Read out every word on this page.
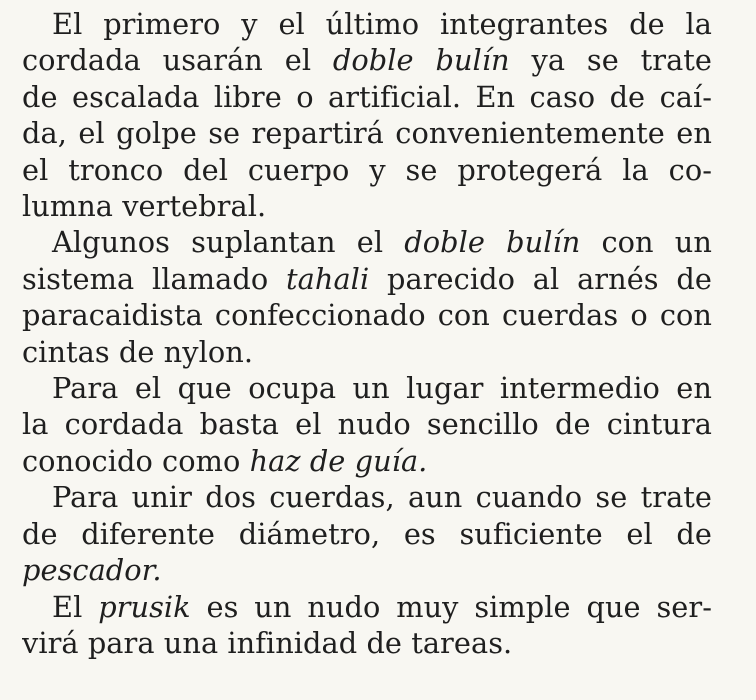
El primero y el último integrantes de la
cordada usarán el doble bulín ya se trate
de escalada libre o artificial. En caso de caí-
da, el golpe se repartirá convenientemente en
el tronco del cuerpo y se protegerá la co-
lumna vertebral.
Algunos suplantan el doble bulín con un
sistema llamado tahali parecido al arnés de
paracaidista confeccionado con cuerdas o con
cintas de nylon.
Para el que ocupa un lugar intermedio en
la cordada basta el nudo sencillo de cintura
conocido como haz de guía.
Para unir dos cuerdas, aun cuando se trate
de diferente diámetro, es suficiente el de
pescador.
El prusik es un nudo muy simple que ser-
virá para una infinidad de tareas.
